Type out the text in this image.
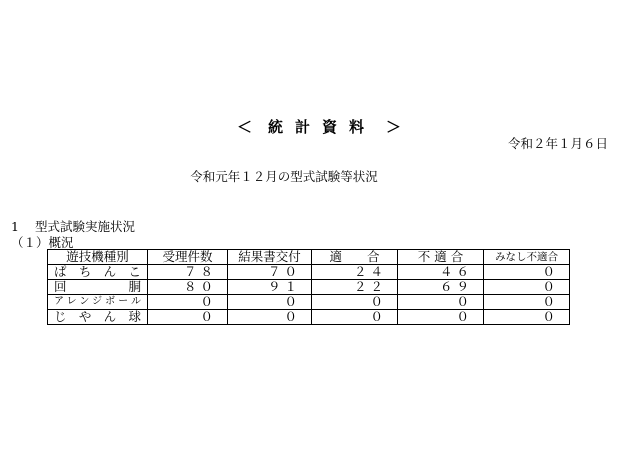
＜ 統計資料 ＞
令和２年１月６日
令和元年１２月の型式試験等状況
1 型式試験実施状況
（１）概況
遊技機種別	受理件数	結果書交付	適　　合	不 適 合	みなし不適合
ぱちんこ	７８	７０	２４	４６	０
回胴	８０	９１	２２	６９	０
アレンジボール	０	０	０	０	０
じやん球	０	０	０	０	０
